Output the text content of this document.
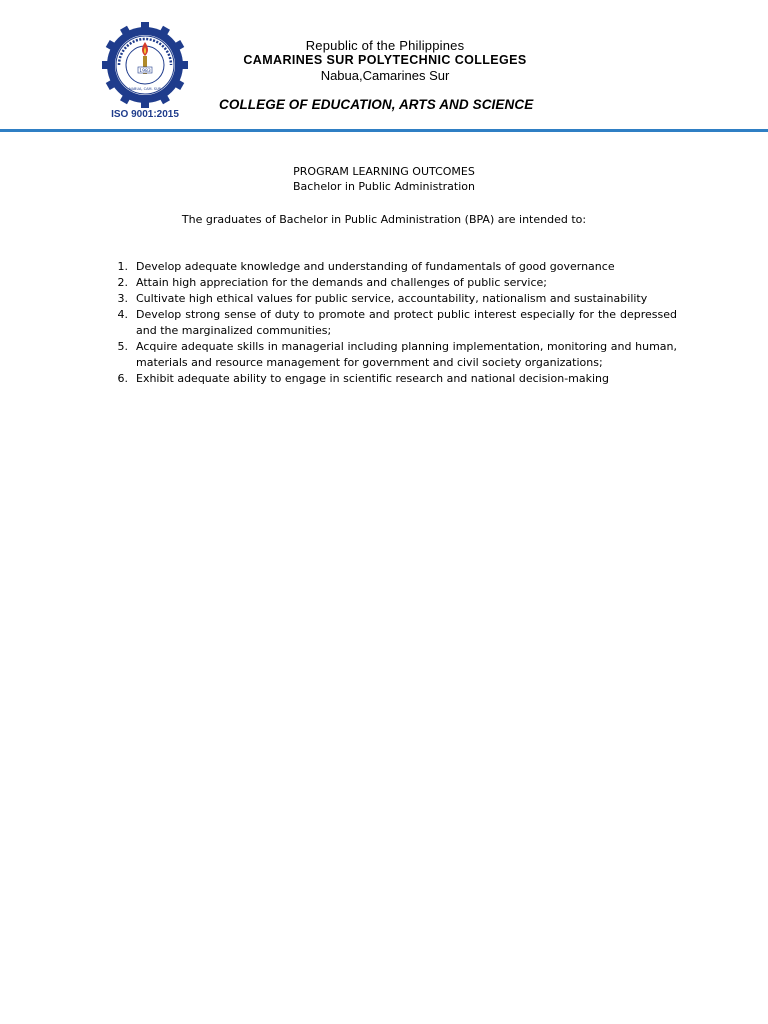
1983
NABUA, CAM. SUR
ISO 9001:2015
Republic of the Philippines
CAMARINES SUR POLYTECHNIC COLLEGES
Nabua,Camarines Sur
COLLEGE OF EDUCATION, ARTS AND SCIENCE
PROGRAM LEARNING OUTCOMES
Bachelor in Public Administration
The graduates of Bachelor in Public Administration (BPA) are intended to:
1. Develop adequate knowledge and understanding of fundamentals of good governance
2. Attain high appreciation for the demands and challenges of public service;
3. Cultivate high ethical values for public service, accountability, nationalism and sustainability
4. Develop strong sense of duty to promote and protect public interest especially for the depressed and the marginalized communities;
5. Acquire adequate skills in managerial including planning implementation, monitoring and human, materials and resource management for government and civil society organizations;
6. Exhibit adequate ability to engage in scientific research and national decision-making
